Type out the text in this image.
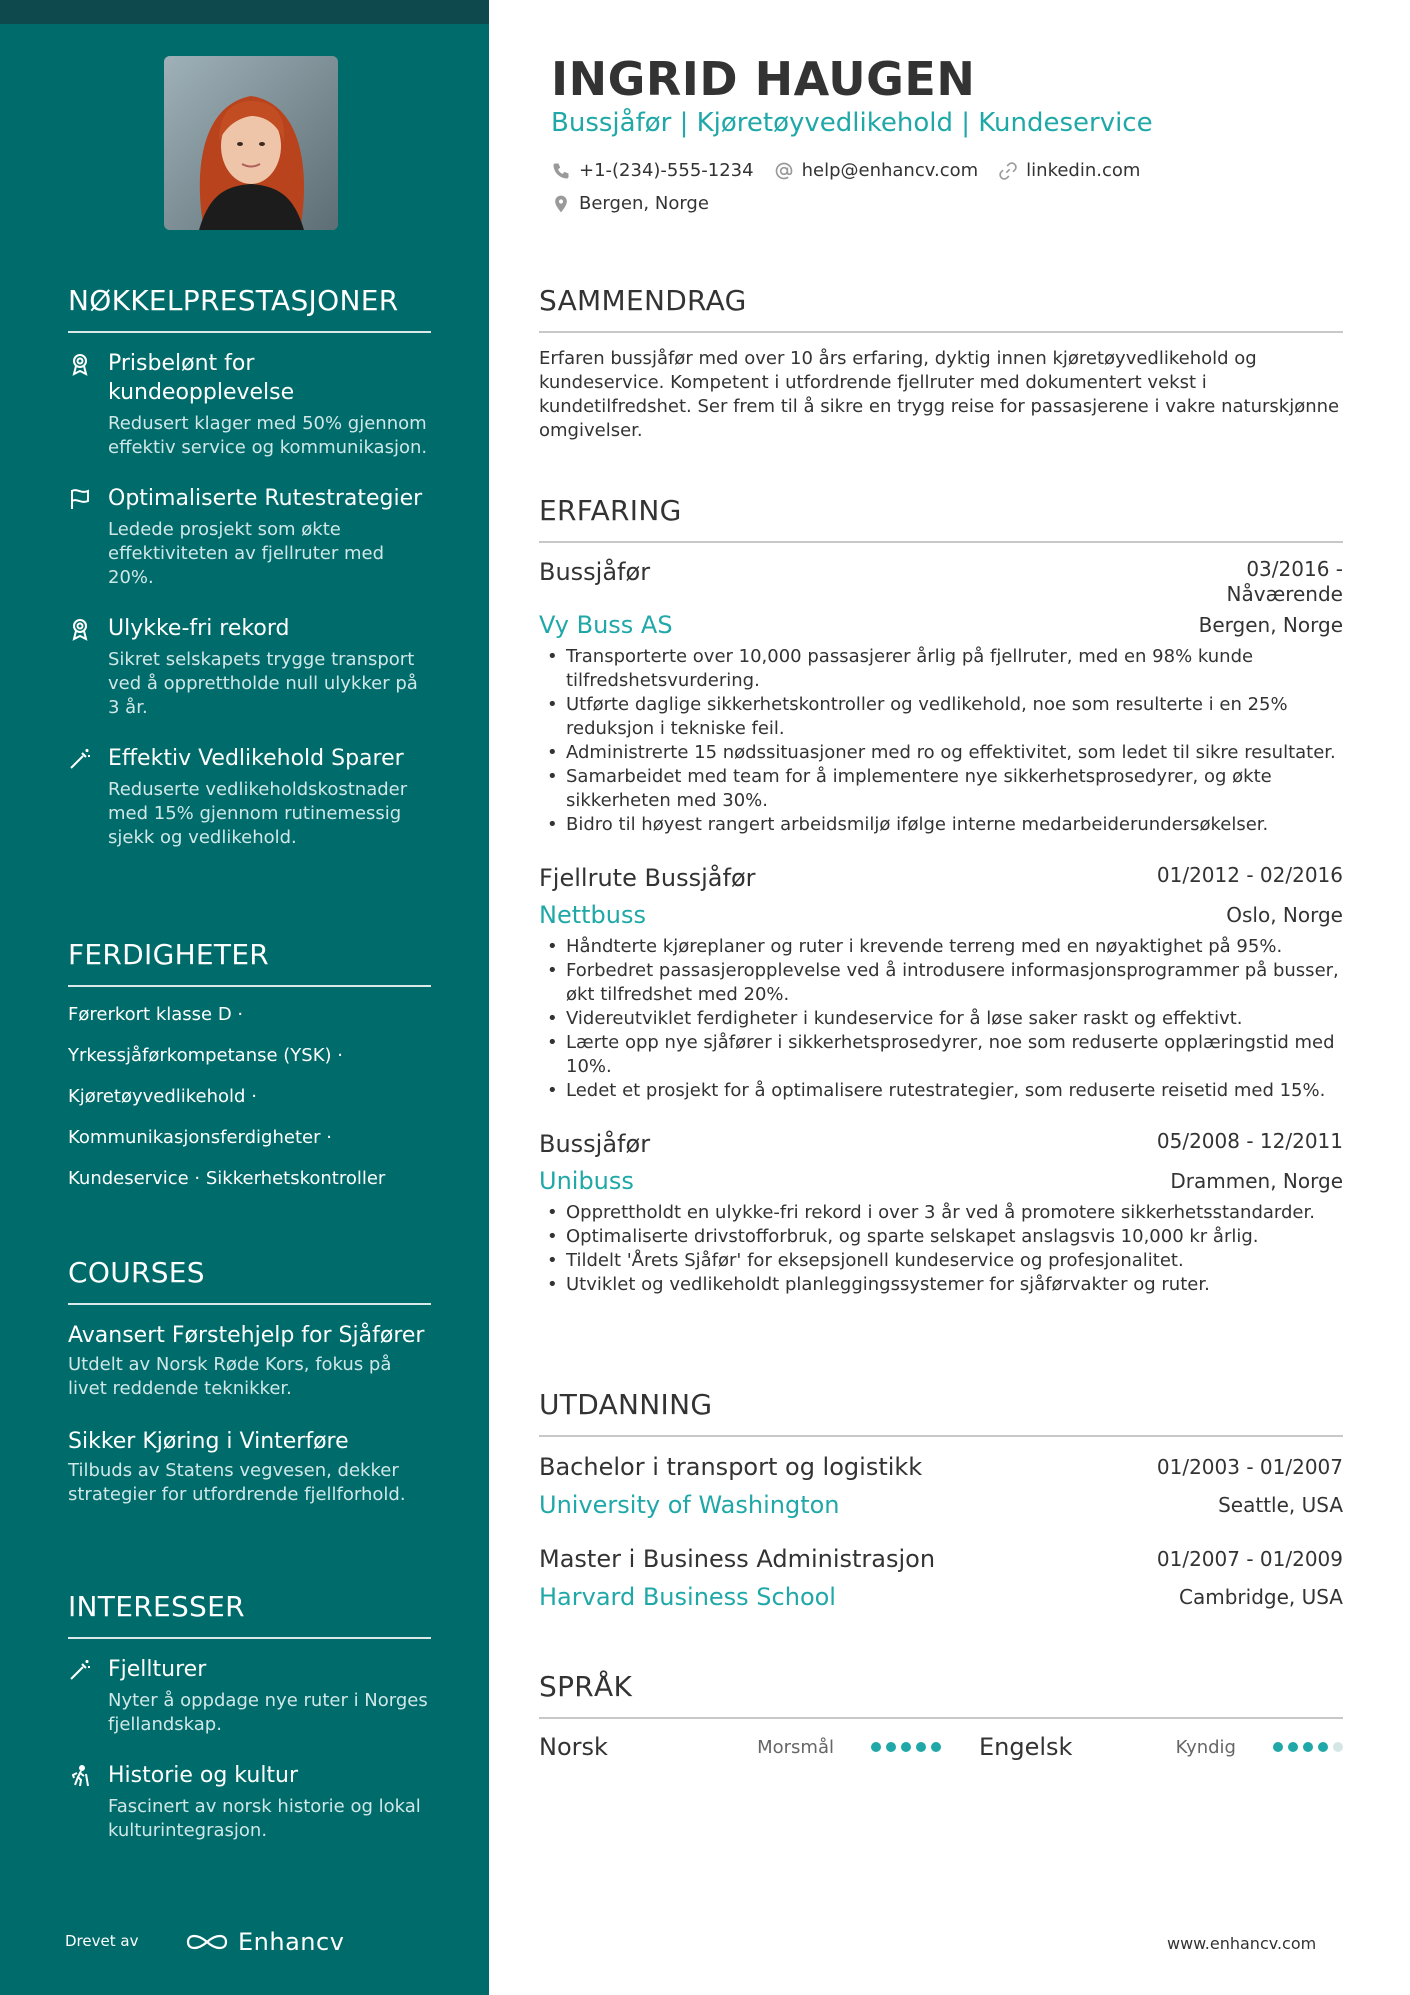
NØKKELPRESTASJONER
Prisbelønt for kundeopplevelse
Redusert klager med 50% gjennom effektiv service og kommunikasjon.
Optimaliserte Rutestrategier
Ledede prosjekt som økte effektiviteten av fjellruter med 20%.
Ulykke-fri rekord
Sikret selskapets trygge transport ved å opprettholde null ulykker på 3 år.
Effektiv Vedlikehold Sparer
Reduserte vedlikeholdskostnader med 15% gjennom rutinemessig sjekk og vedlikehold.
FERDIGHETER
Førerkort klasse D ·
Yrkessjåførkompetanse (YSK) ·
Kjøretøyvedlikehold ·
Kommunikasjonsferdigheter ·
Kundeservice · Sikkerhetskontroller
COURSES
Avansert Førstehjelp for Sjåfører
Utdelt av Norsk Røde Kors, fokus på livet reddende teknikker.
Sikker Kjøring i Vinterføre
Tilbuds av Statens vegvesen, dekker strategier for utfordrende fjellforhold.
INTERESSER
Fjellturer
Nyter å oppdage nye ruter i Norges fjellandskap.
Historie og kultur
Fascinert av norsk historie og lokal kulturintegrasjon.
Drevet av	Enhancv
INGRID HAUGEN
Bussjåfør | Kjøretøyvedlikehold | Kundeservice
+1-(234)-555-1234	help@enhancv.com	linkedin.com
Bergen, Norge
SAMMENDRAG

Erfaren bussjåfør med over 10 års erfaring, dyktig innen kjøretøyvedlikehold og kundeservice. Kompetent i utfordrende fjellruter med dokumentert vekst i kundetilfredshet. Ser frem til å sikre en trygg reise for passasjerene i vakre naturskjønne omgivelser.

ERFARING
Bussjåfør	03/2016 -
Nåværende
Vy Buss AS	Bergen, Norge
• Transporterte over 10,000 passasjerer årlig på fjellruter, med en 98% kunde tilfredshetsvurdering.
• Utførte daglige sikkerhetskontroller og vedlikehold, noe som resulterte i en 25% reduksjon i tekniske feil.
• Administrerte 15 nødssituasjoner med ro og effektivitet, som ledet til sikre resultater.
• Samarbeidet med team for å implementere nye sikkerhetsprosedyrer, og økte sikkerheten med 30%.
• Bidro til høyest rangert arbeidsmiljø ifølge interne medarbeiderundersøkelser.
Fjellrute Bussjåfør	01/2012 - 02/2016
Nettbuss	Oslo, Norge
• Håndterte kjøreplaner og ruter i krevende terreng med en nøyaktighet på 95%.
• Forbedret passasjeropplevelse ved å introdusere informasjonsprogrammer på busser, økt tilfredshet med 20%.
• Videreutviklet ferdigheter i kundeservice for å løse saker raskt og effektivt.
• Lærte opp nye sjåfører i sikkerhetsprosedyrer, noe som reduserte opplæringstid med 10%.
• Ledet et prosjekt for å optimalisere rutestrategier, som reduserte reisetid med 15%.
Bussjåfør	05/2008 - 12/2011
Unibuss	Drammen, Norge
• Opprettholdt en ulykke-fri rekord i over 3 år ved å promotere sikkerhetsstandarder.
• Optimaliserte drivstofforbruk, og sparte selskapet anslagsvis 10,000 kr årlig.
• Tildelt 'Årets Sjåfør' for eksepsjonell kundeservice og profesjonalitet.
• Utviklet og vedlikeholdt planleggingssystemer for sjåførvakter og ruter.
UTDANNING
Bachelor i transport og logistikk	01/2003 - 01/2007
University of Washington	Seattle, USA
Master i Business Administrasjon	01/2007 - 01/2009
Harvard Business School	Cambridge, USA
SPRÅK
Norsk	Morsmål	Engelsk	Kyndig
www.enhancv.com
